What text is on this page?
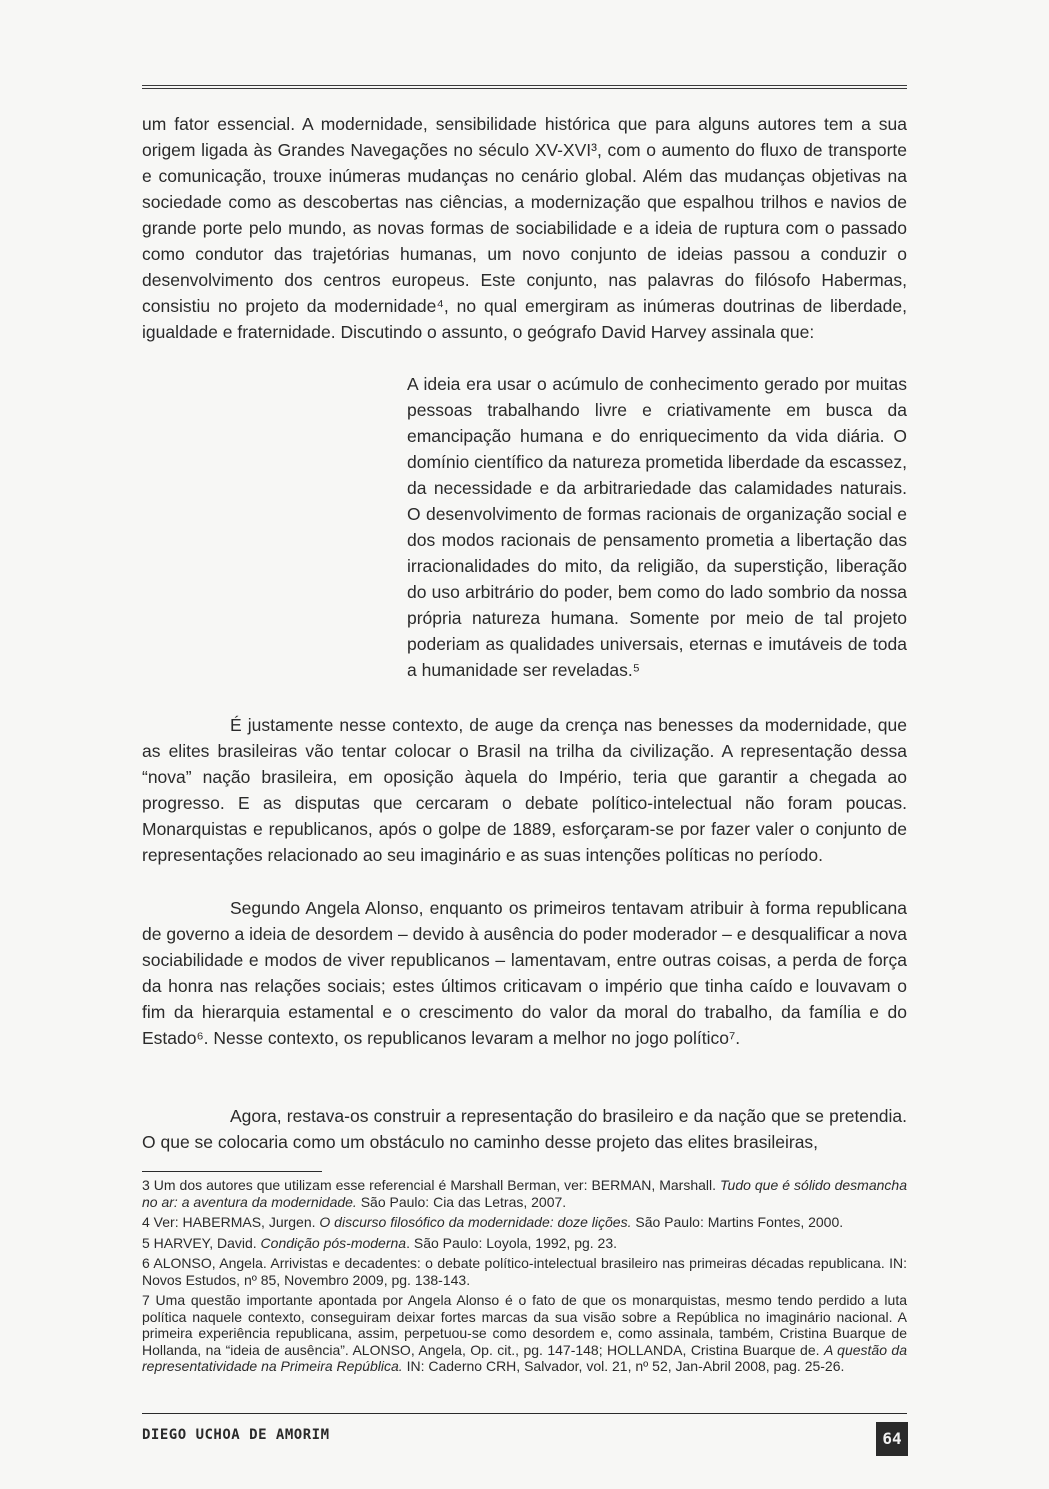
um fator essencial. A modernidade, sensibilidade histórica que para alguns autores tem a sua origem ligada às Grandes Navegações no século XV-XVI³, com o aumento do fluxo de transporte e comunicação, trouxe inúmeras mudanças no cenário global. Além das mudanças objetivas na sociedade como as descobertas nas ciências, a modernização que espalhou trilhos e navios de grande porte pelo mundo, as novas formas de sociabilidade e a ideia de ruptura com o passado como condutor das trajetórias humanas, um novo conjunto de ideias passou a conduzir o desenvolvimento dos centros europeus. Este conjunto, nas palavras do filósofo Habermas, consistiu no projeto da modernidade⁴, no qual emergiram as inúmeras doutrinas de liberdade, igualdade e fraternidade. Discutindo o assunto, o geógrafo David Harvey assinala que:

A ideia era usar o acúmulo de conhecimento gerado por muitas pessoas trabalhando livre e criativamente em busca da emancipação humana e do enriquecimento da vida diária. O domínio científico da natureza prometida liberdade da escassez, da necessidade e da arbitrariedade das calamidades naturais. O desenvolvimento de formas racionais de organização social e dos modos racionais de pensamento prometia a libertação das irracionalidades do mito, da religião, da superstição, liberação do uso arbitrário do poder, bem como do lado sombrio da nossa própria natureza humana. Somente por meio de tal projeto poderiam as qualidades universais, eternas e imutáveis de toda a humanidade ser reveladas.⁵

É justamente nesse contexto, de auge da crença nas benesses da modernidade, que as elites brasileiras vão tentar colocar o Brasil na trilha da civilização. A representação dessa “nova” nação brasileira, em oposição àquela do Império, teria que garantir a chegada ao progresso. E as disputas que cercaram o debate político-intelectual não foram poucas. Monarquistas e republicanos, após o golpe de 1889, esforçaram-se por fazer valer o conjunto de representações relacionado ao seu imaginário e as suas intenções políticas no período.

Segundo Angela Alonso, enquanto os primeiros tentavam atribuir à forma republicana de governo a ideia de desordem – devido à ausência do poder moderador – e desqualificar a nova sociabilidade e modos de viver republicanos – lamentavam, entre outras coisas, a perda de força da honra nas relações sociais; estes últimos criticavam o império que tinha caído e louvavam o fim da hierarquia estamental e o crescimento do valor da moral do trabalho, da família e do Estado⁶. Nesse contexto, os republicanos levaram a melhor no jogo político⁷.

Agora, restava-os construir a representação do brasileiro e da nação que se pretendia. O que se colocaria como um obstáculo no caminho desse projeto das elites brasileiras,

3 Um dos autores que utilizam esse referencial é Marshall Berman, ver: BERMAN, Marshall. Tudo que é sólido desmancha no ar: a aventura da modernidade. São Paulo: Cia das Letras, 2007.

4 Ver: HABERMAS, Jurgen. O discurso filosófico da modernidade: doze lições. São Paulo: Martins Fontes, 2000.

5 HARVEY, David. Condição pós-moderna. São Paulo: Loyola, 1992, pg. 23.

6 ALONSO, Angela. Arrivistas e decadentes: o debate político-intelectual brasileiro nas primeiras décadas republicana. IN: Novos Estudos, nº 85, Novembro 2009, pg. 138-143.

7 Uma questão importante apontada por Angela Alonso é o fato de que os monarquistas, mesmo tendo perdido a luta política naquele contexto, conseguiram deixar fortes marcas da sua visão sobre a República no imaginário nacional. A primeira experiência republicana, assim, perpetuou-se como desordem e, como assinala, também, Cristina Buarque de Hollanda, na “ideia de ausência”. ALONSO, Angela, Op. cit., pg. 147-148; HOLLANDA, Cristina Buarque de. A questão da representatividade na Primeira República. IN: Caderno CRH, Salvador, vol. 21, nº 52, Jan-Abril 2008, pag. 25-26.

DIEGO UCHOA DE AMORIM	64
